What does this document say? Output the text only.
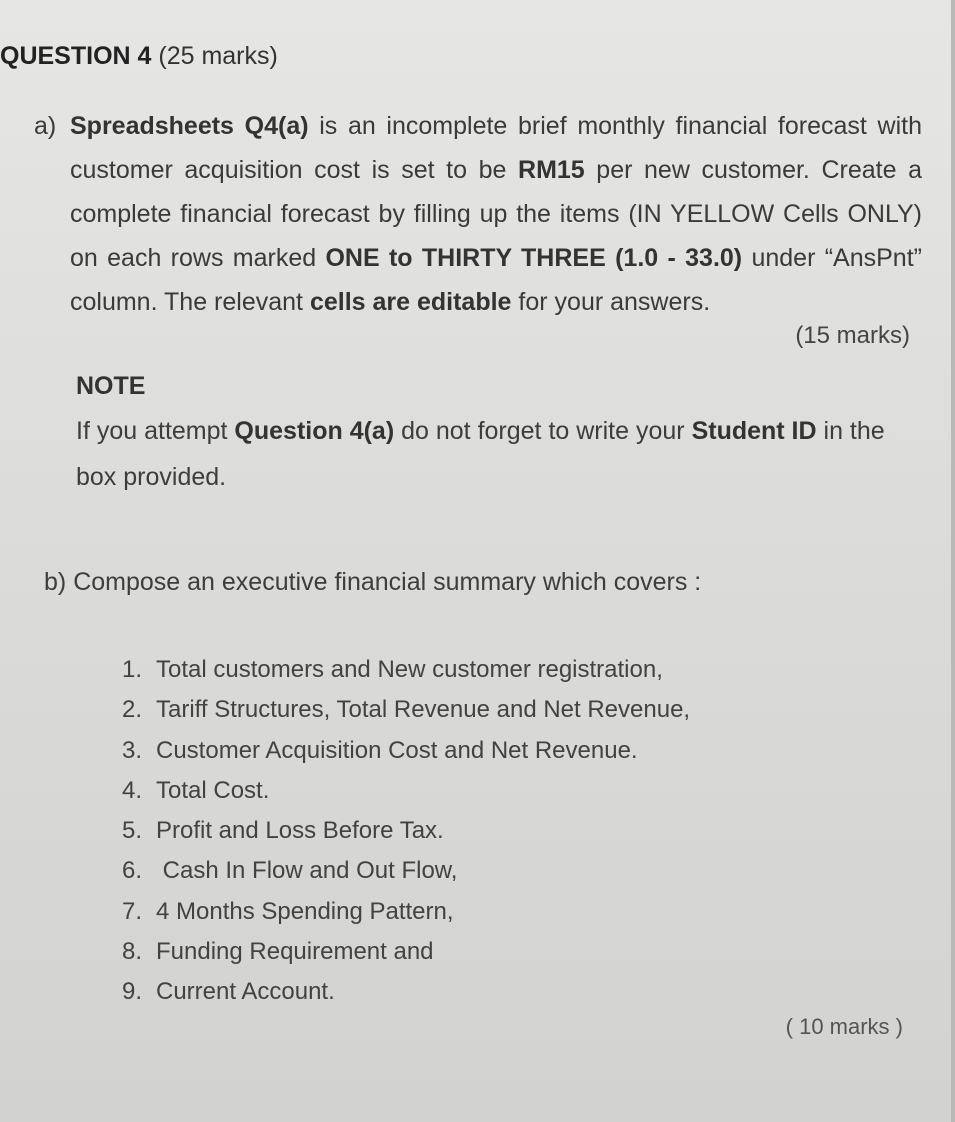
QUESTION 4 (25 marks)
a) Spreadsheets Q4(a) is an incomplete brief monthly financial forecast with customer acquisition cost is set to be RM15 per new customer. Create a complete financial forecast by filling up the items (IN YELLOW Cells ONLY) on each rows marked ONE to THIRTY THREE (1.0 - 33.0) under “AnsPnt” column. The relevant cells are editable for your answers.
(15 marks)
NOTE
If you attempt Question 4(a) do not forget to write your Student ID in the box provided.
b) Compose an executive financial summary which covers :
1. Total customers and New customer registration,
2. Tariff Structures, Total Revenue and Net Revenue,
3. Customer Acquisition Cost and Net Revenue.
4. Total Cost.
5. Profit and Loss Before Tax.
6. Cash In Flow and Out Flow,
7. 4 Months Spending Pattern,
8. Funding Requirement and
9. Current Account.
( 10 marks )
